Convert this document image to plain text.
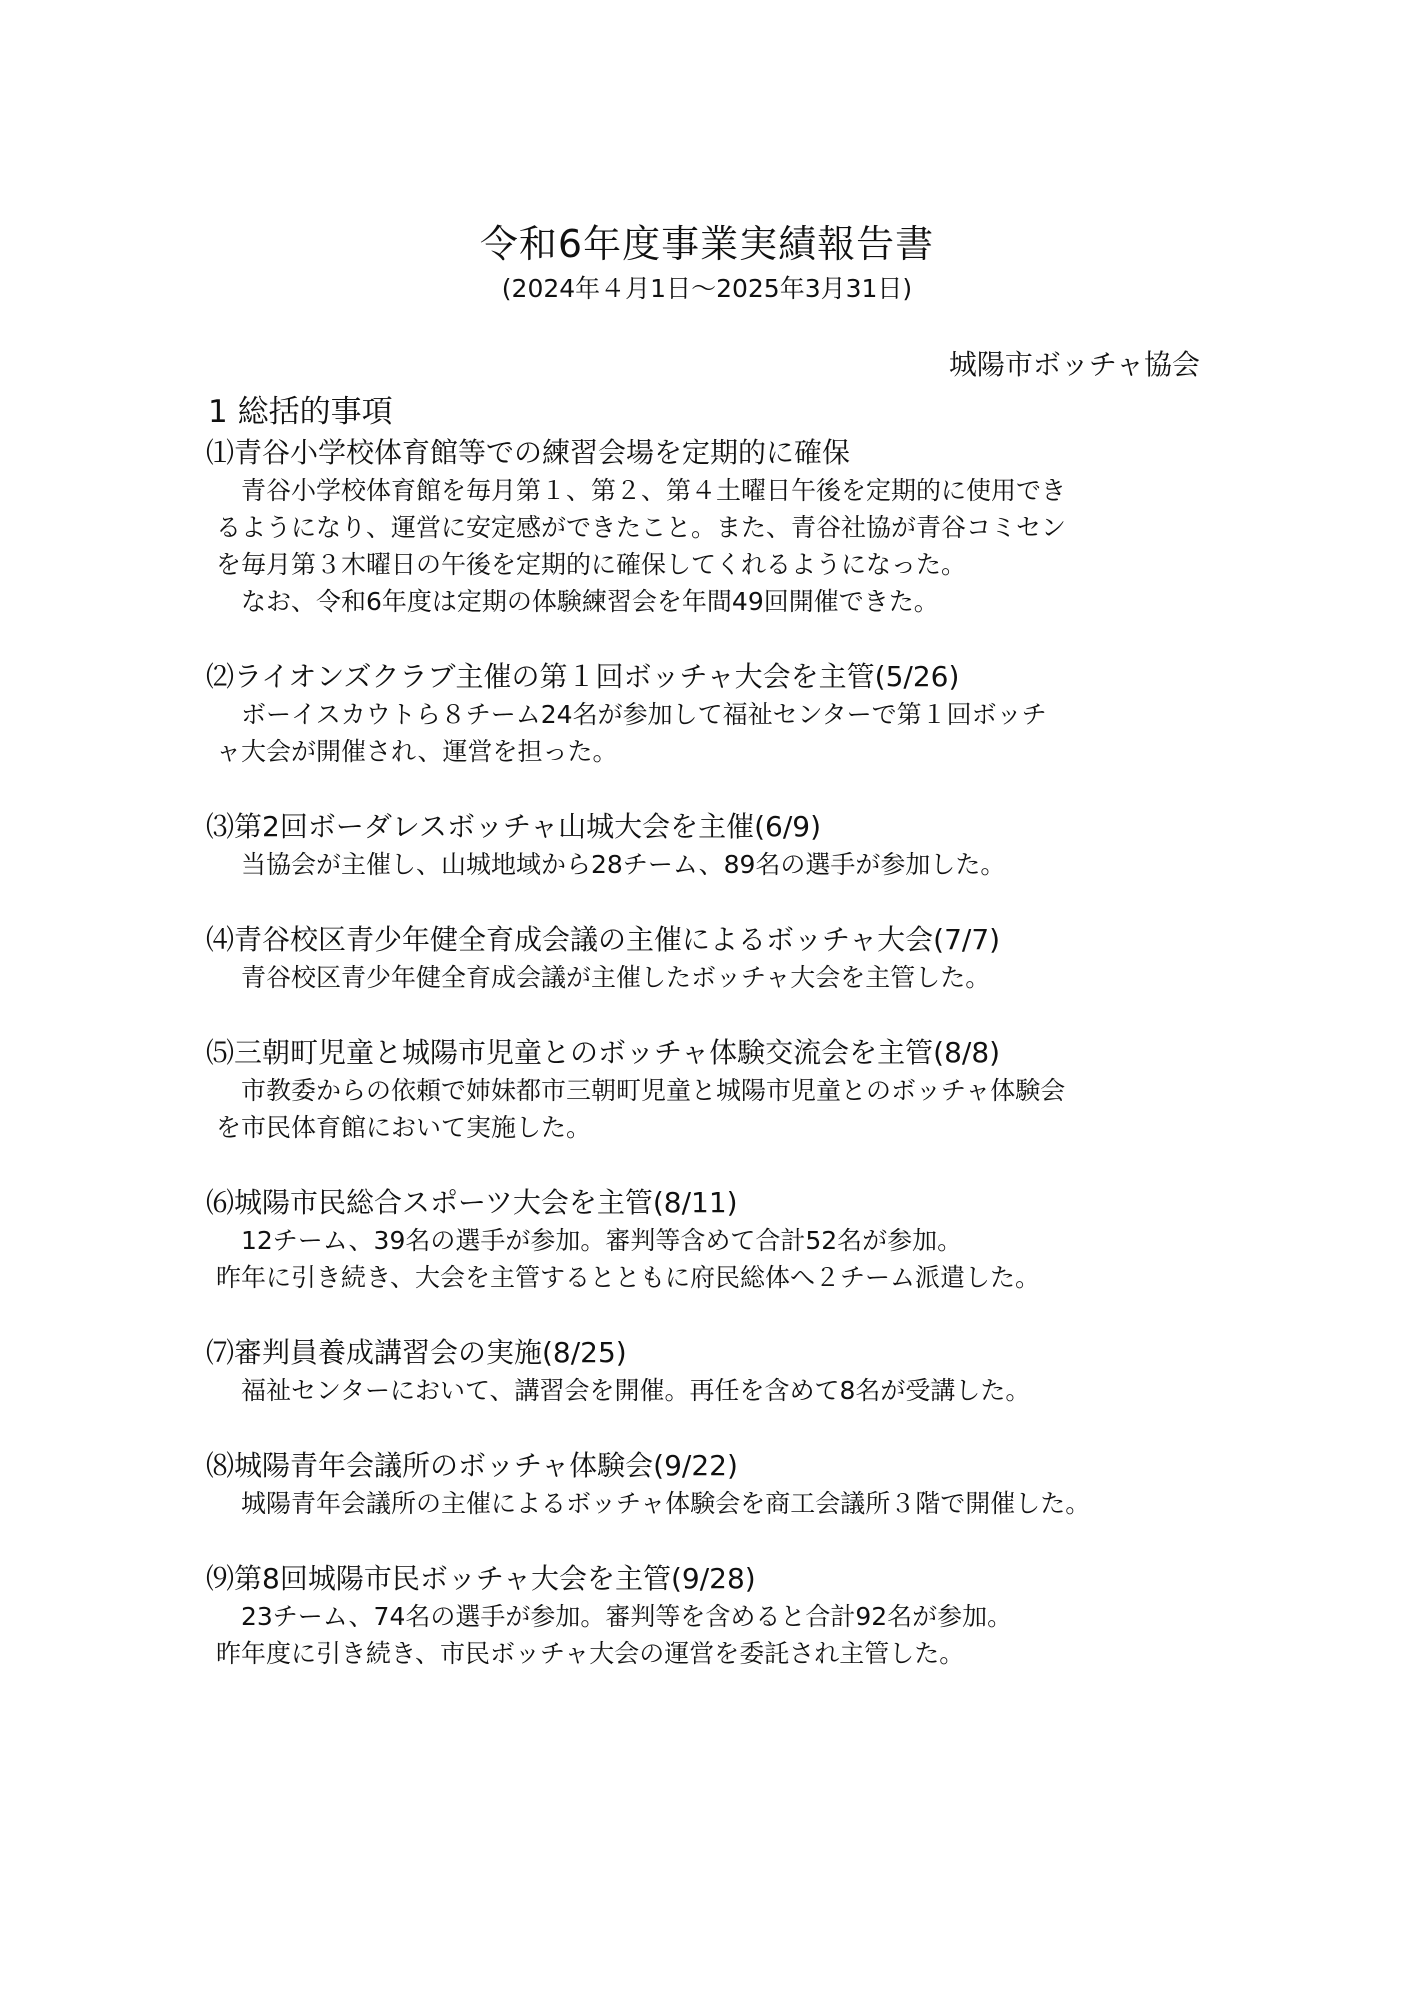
令和6年度事業実績報告書
(2024年４月1日～2025年3月31日)
城陽市ボッチャ協会
1 総括的事項
⑴青谷小学校体育館等での練習会場を定期的に確保
　青谷小学校体育館を毎月第１、第２、第４土曜日午後を定期的に使用でき
るようになり、運営に安定感ができたこと。また、青谷社協が青谷コミセン
を毎月第３木曜日の午後を定期的に確保してくれるようになった。
　なお、令和6年度は定期の体験練習会を年間49回開催できた。
⑵ライオンズクラブ主催の第１回ボッチャ大会を主管(5/26)
　ボーイスカウトら８チーム24名が参加して福祉センターで第１回ボッチ
ャ大会が開催され、運営を担った。
⑶第2回ボーダレスボッチャ山城大会を主催(6/9)
　当協会が主催し、山城地域から28チーム、89名の選手が参加した。
⑷青谷校区青少年健全育成会議の主催によるボッチャ大会(7/7)
　青谷校区青少年健全育成会議が主催したボッチャ大会を主管した。
⑸三朝町児童と城陽市児童とのボッチャ体験交流会を主管(8/8)
　市教委からの依頼で姉妹都市三朝町児童と城陽市児童とのボッチャ体験会
を市民体育館において実施した。
⑹城陽市民総合スポーツ大会を主管(8/11)
　12チーム、39名の選手が参加。審判等含めて合計52名が参加。
昨年に引き続き、大会を主管するとともに府民総体へ２チーム派遣した。
⑺審判員養成講習会の実施(8/25)
　福祉センターにおいて、講習会を開催。再任を含めて8名が受講した。
⑻城陽青年会議所のボッチャ体験会(9/22)
　城陽青年会議所の主催によるボッチャ体験会を商工会議所３階で開催した。
⑼第8回城陽市民ボッチャ大会を主管(9/28)
　23チーム、74名の選手が参加。審判等を含めると合計92名が参加。
昨年度に引き続き、市民ボッチャ大会の運営を委託され主管した。
